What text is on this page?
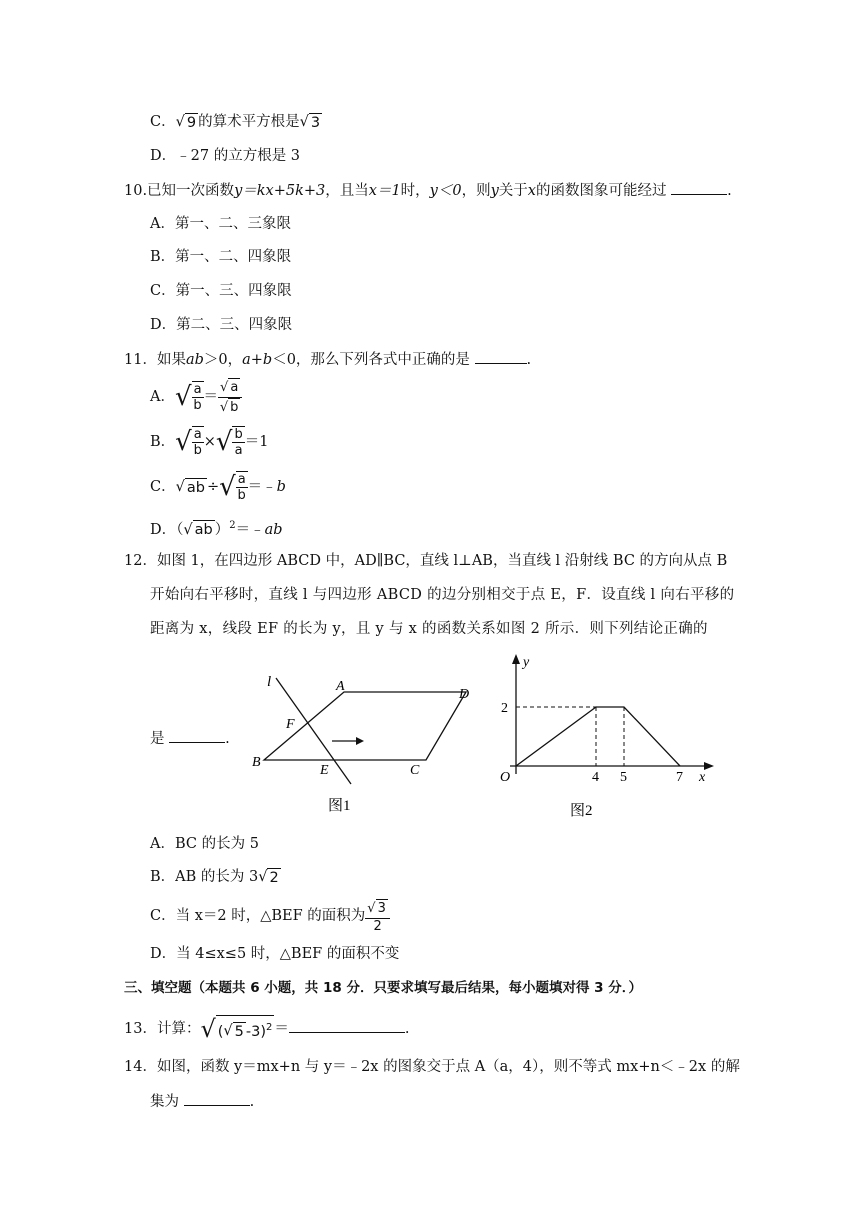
C．√ 9 的算术平方根是√ 3
D．﹣27 的立方根是 3
10.已知一次函数y＝kx+5k+3，且当x＝1时，y＜0，则y关于x的函数图象可能经过	.
A．第一、二、三象限
B．第一、二、四象限
C．第一、三、四象限
D．第二、三、四象限
11．如果ab＞0，a+b＜0，那么下列各式中正确的是	.
A．√ $\frac{a}{b} = \frac{√ a}{√ b}$
B．√ $\frac{a}{b}$ ×√ $\frac{b}{a} =1$
C．√ ab ÷√ $\frac{a}{b}$ ＝﹣b
D．（√ ab ）$^2$＝﹣ab
12．如图 1，在四边形 ABCD 中，AD∥BC，直线 l⊥AB，当直线 l 沿射线 BC 的方向从点 B
开始向右平移时，直线 l 与四边形 ABCD 的边分别相交于点 E，F．设直线 l 向右平移的
距离为 x，线段 EF 的长为 y，且 y 与 x 的函数关系如图 2 所示．则下列结论正确的
是	.
l	A
D
F
B
E	C
图1
y
2
O	4 5	7 x
图2
A．BC 的长为 5
B．AB 的长为 3√ 2
C．当 x＝2 时，△BEF 的面积为 $\frac{√ 3}{2}$
D．当 4≤x≤5 时，△BEF 的面积不变
三、填空题（本题共 6 小题，共 18 分．只要求填写最后结果，每小题填对得 3 分．）
13．计算：√ (√ 5 -3)$^2$ ＝	.
14．如图，函数 y＝mx+n 与 y＝﹣2x 的图象交于点 A（a，4），则不等式 mx+n＜﹣2x 的解
集为	.
